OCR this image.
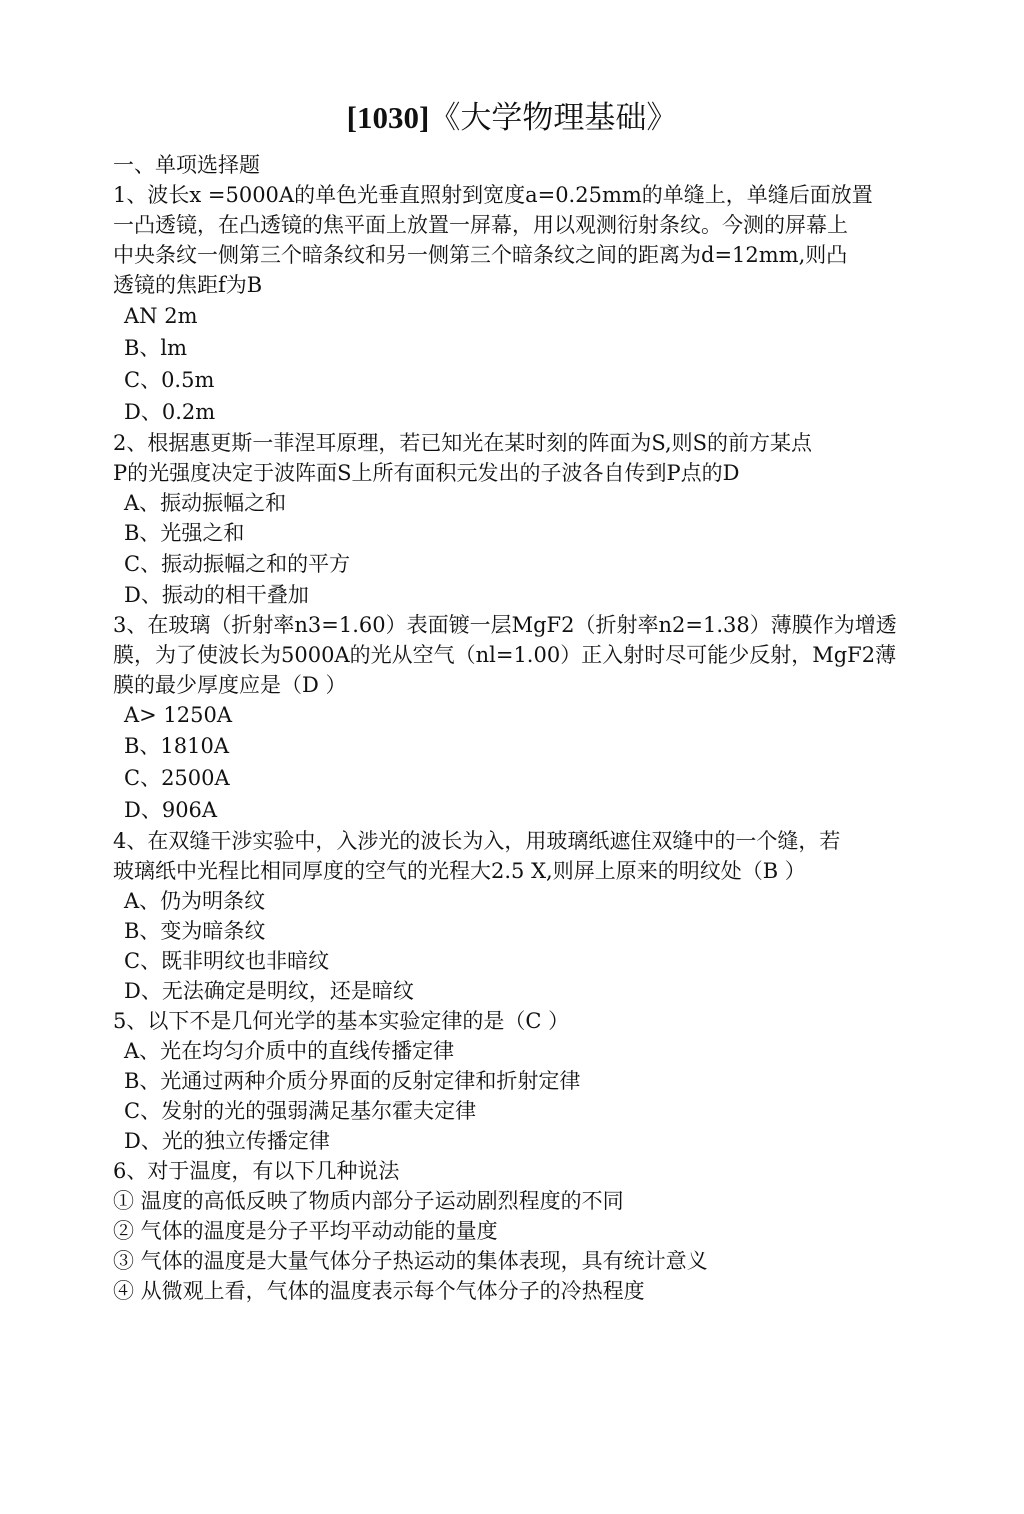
[1030]《大学物理基础》
一、单项选择题
1、波长x =5000A的单色光垂直照射到宽度a=0.25mm的单缝上，单缝后面放置
一凸透镜，在凸透镜的焦平面上放置一屏幕，用以观测衍射条纹。今测的屏幕上
中央条纹一侧第三个暗条纹和另一侧第三个暗条纹之间的距离为d=12mm,则凸
透镜的焦距f为B
AN 2m
B、lm
C、0.5m
D、0.2m
2、根据惠更斯一菲涅耳原理，若已知光在某时刻的阵面为S,则S的前方某点
P的光强度决定于波阵面S上所有面积元发出的子波各自传到P点的D
A、振动振幅之和
B、光强之和
C、振动振幅之和的平方
D、振动的相干叠加
3、在玻璃（折射率n3=1.60）表面镀一层MgF2（折射率n2=1.38）薄膜作为增透
膜，为了使波长为5000A的光从空气（nl=1.00）正入射时尽可能少反射，MgF2薄
膜的最少厚度应是（D ）
A> 1250A
B、1810A
C、2500A
D、906A
4、在双缝干涉实验中，入涉光的波长为入，用玻璃纸遮住双缝中的一个缝，若
玻璃纸中光程比相同厚度的空气的光程大2.5 X,则屏上原来的明纹处（B ）
A、仍为明条纹
B、变为暗条纹
C、既非明纹也非暗纹
D、无法确定是明纹，还是暗纹
5、以下不是几何光学的基本实验定律的是（C ）
A、光在均匀介质中的直线传播定律
B、光通过两种介质分界面的反射定律和折射定律
C、发射的光的强弱满足基尔霍夫定律
D、光的独立传播定律
6、对于温度，有以下几种说法
① 温度的高低反映了物质内部分子运动剧烈程度的不同
② 气体的温度是分子平均平动动能的量度
③ 气体的温度是大量气体分子热运动的集体表现，具有统计意义
④ 从微观上看，气体的温度表示每个气体分子的冷热程度
